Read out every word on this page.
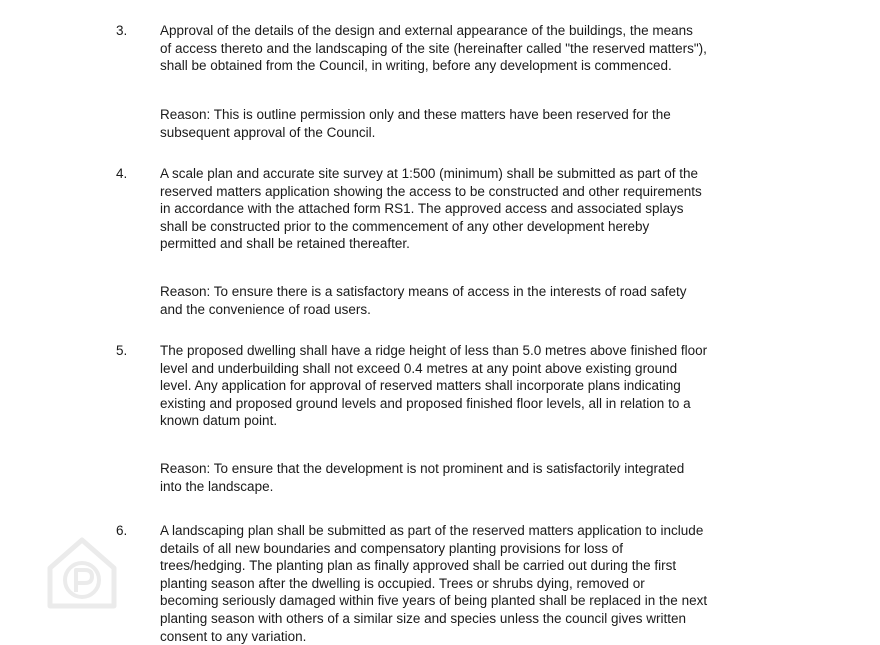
3. Approval of the details of the design and external appearance of the buildings, the means
of access thereto and the landscaping of the site (hereinafter called "the reserved matters"),
shall be obtained from the Council, in writing, before any development is commenced.

Reason: This is outline permission only and these matters have been reserved for the
subsequent approval of the Council.

4. A scale plan and accurate site survey at 1:500 (minimum) shall be submitted as part of the
reserved matters application showing the access to be constructed and other requirements
in accordance with the attached form RS1. The approved access and associated splays
shall be constructed prior to the commencement of any other development hereby
permitted and shall be retained thereafter.

Reason: To ensure there is a satisfactory means of access in the interests of road safety
and the convenience of road users.

5. The proposed dwelling shall have a ridge height of less than 5.0 metres above finished floor
level and underbuilding shall not exceed 0.4 metres at any point above existing ground
level. Any application for approval of reserved matters shall incorporate plans indicating
existing and proposed ground levels and proposed finished floor levels, all in relation to a
known datum point.

Reason: To ensure that the development is not prominent and is satisfactorily integrated
into the landscape.

6. A landscaping plan shall be submitted as part of the reserved matters application to include
details of all new boundaries and compensatory planting provisions for loss of
trees/hedging. The planting plan as finally approved shall be carried out during the first
planting season after the dwelling is occupied. Trees or shrubs dying, removed or
becoming seriously damaged within five years of being planted shall be replaced in the next
planting season with others of a similar size and species unless the council gives written
consent to any variation.
